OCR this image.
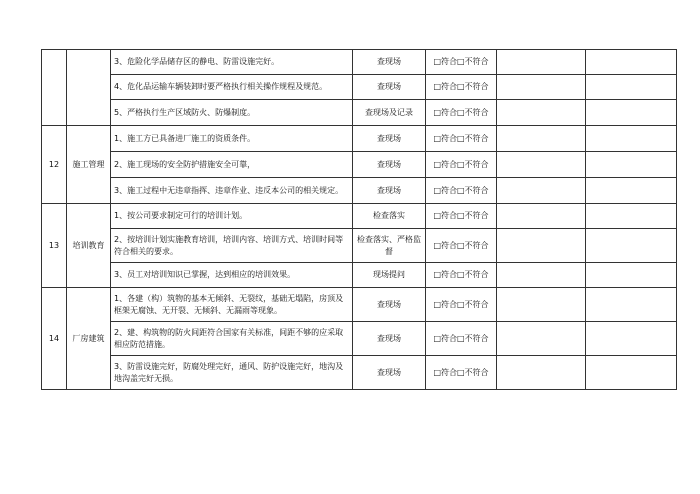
		3、危险化学品储存区的静电、防雷设施完好。	查现场	□符合□不符合		
		4、危化品运输车辆装卸时要严格执行相关操作规程及规范。	查现场	□符合□不符合		
		5、严格执行生产区域防火、防爆制度。	查现场及记录	□符合□不符合		
12	施工管理	1、施工方已具备进厂施工的资质条件。	查现场	□符合□不符合		
		2、施工现场的安全防护措施安全可靠，	查现场	□符合□不符合		
		3、施工过程中无违章指挥、违章作业、违反本公司的相关规定。	查现场	□符合□不符合		
13	培训教育	1、按公司要求制定可行的培训计划。	检查落实	□符合□不符合		
		2、按培训计划实施教育培训，培训内容、培训方式、培训时间等符合相关的要求。	检查落实、严格监督	□符合□不符合		
		3、员工对培训知识已掌握，达到相应的培训效果。	现场提问	□符合□不符合		
14	厂房建筑	1、各建（构）筑物的基本无倾斜、无裂纹，基础无塌陷，房顶及框架无腐蚀、无开裂、无倾斜、无漏雨等现象。	查现场	□符合□不符合		
		2、建、构筑物的防火间距符合国家有关标准，间距不够的应采取相应防范措施。	查现场	□符合□不符合		
		3、防雷设施完好，防腐处理完好，通风、防护设施完好，地沟及地沟盖完好无损。	查现场	□符合□不符合		
